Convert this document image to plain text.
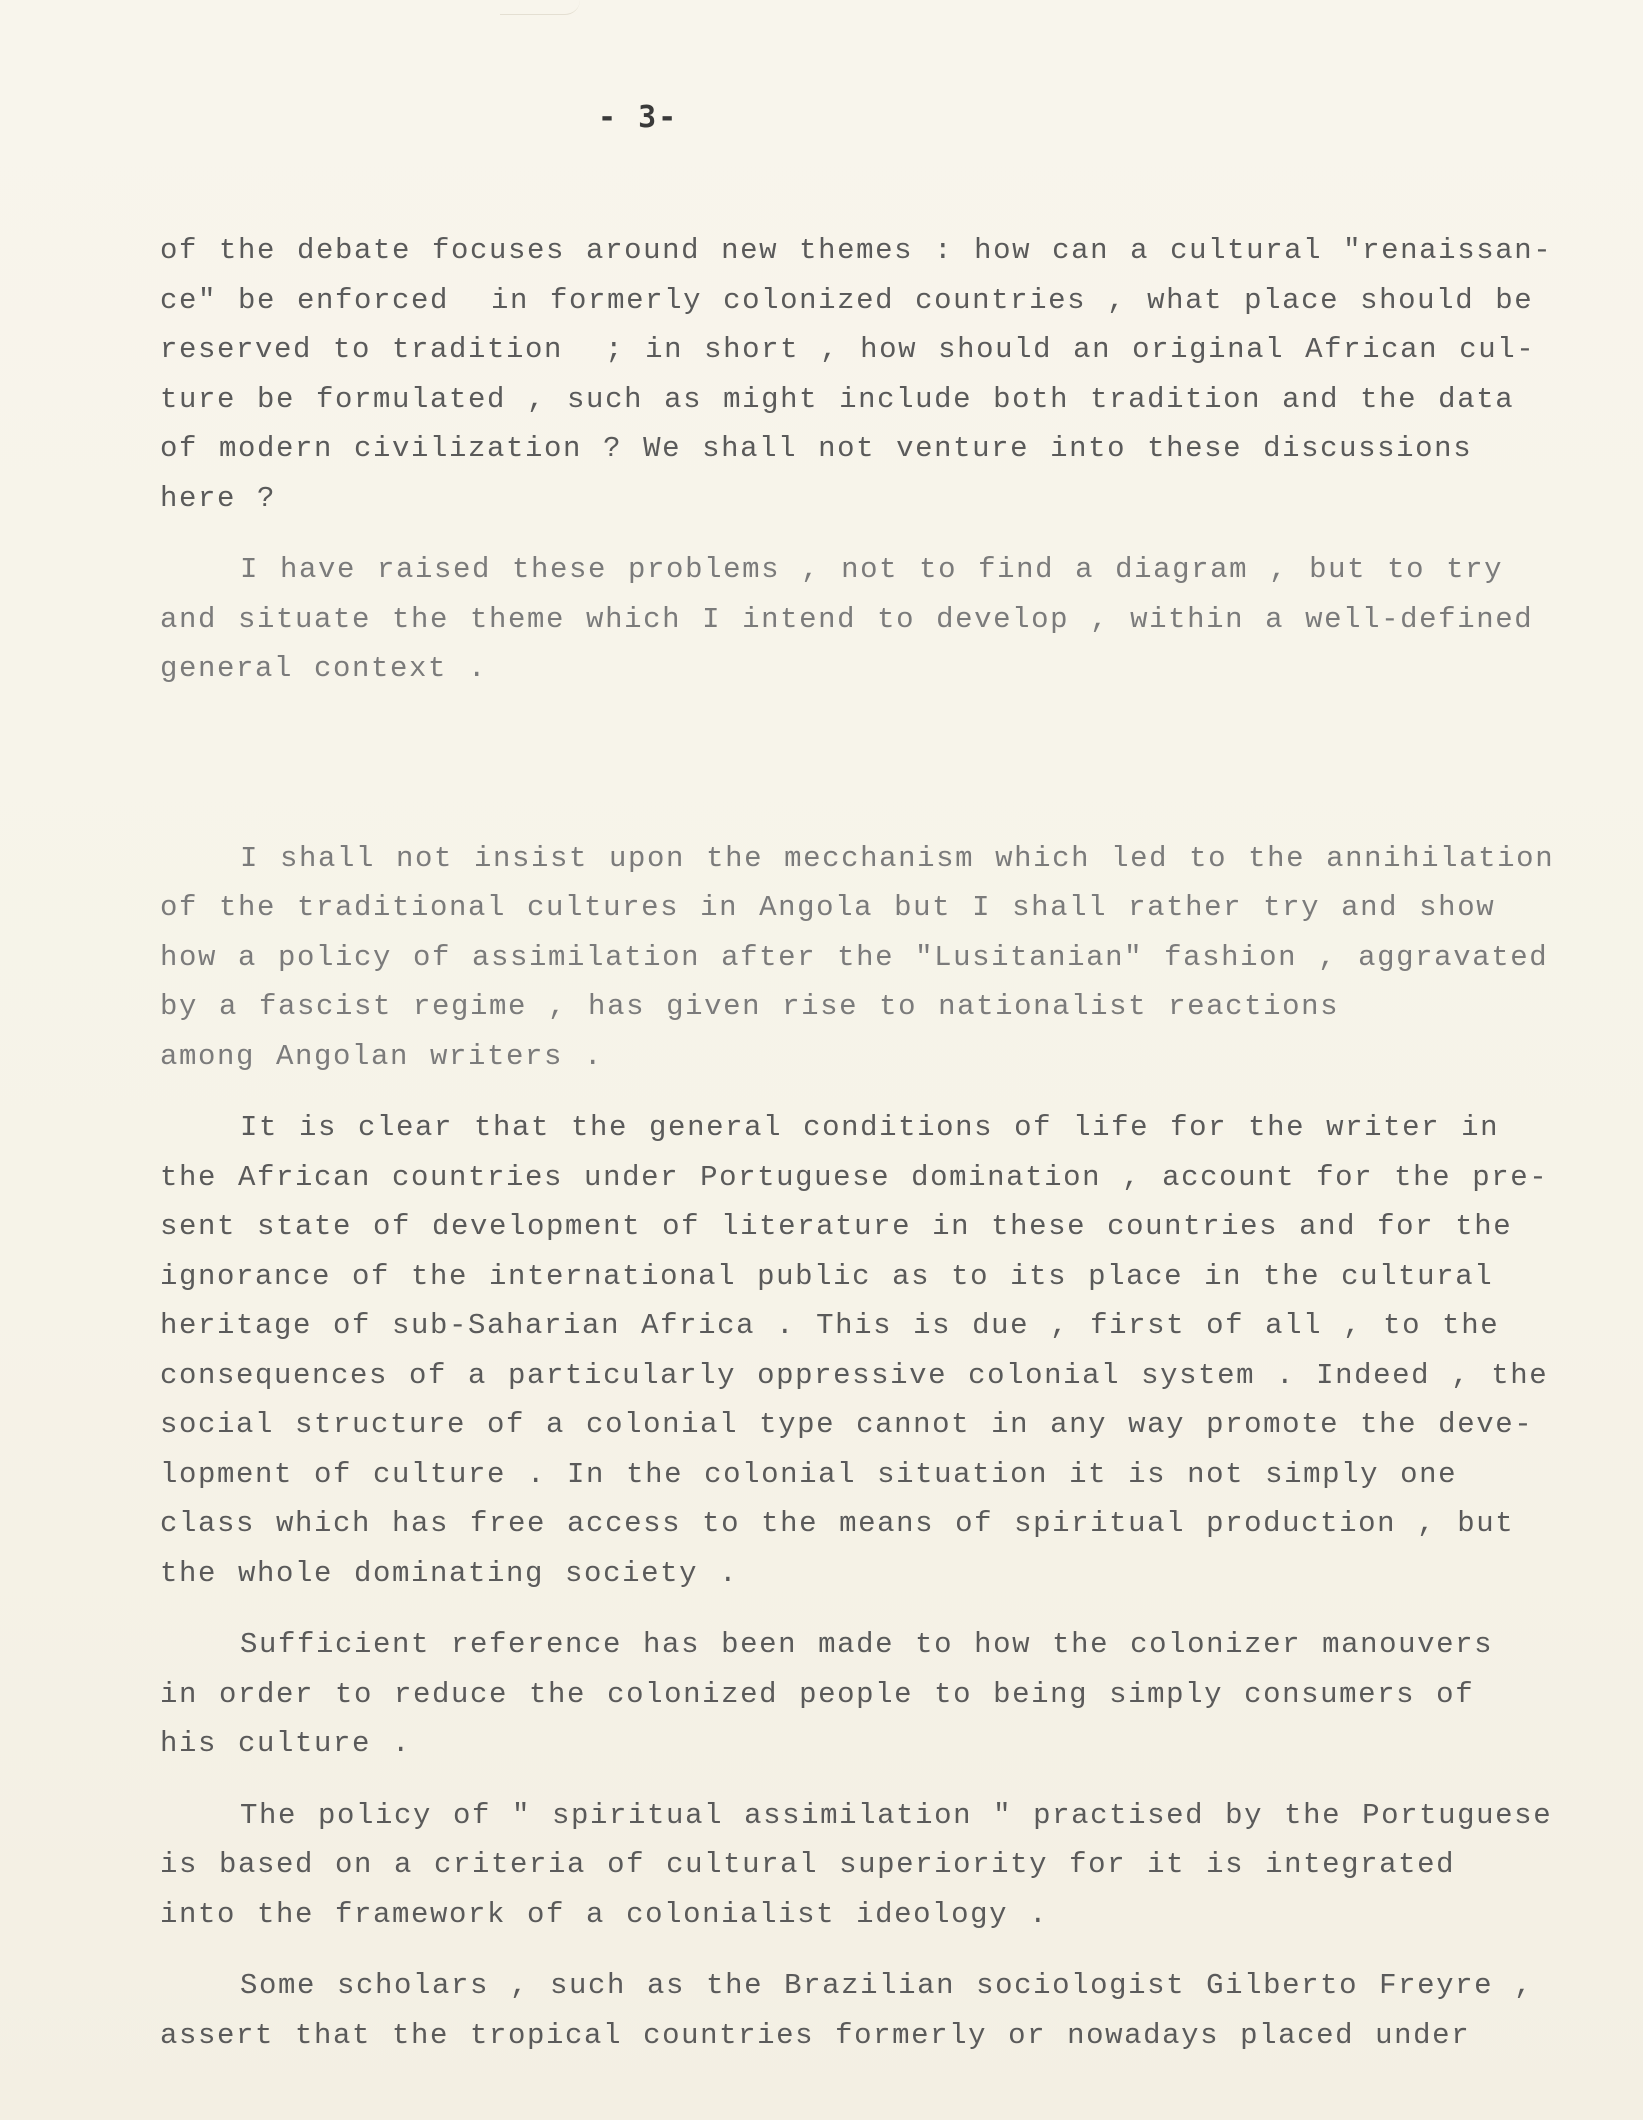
- 3-
of the debate focuses around new themes : how can a cultural "renaissan-
ce" be enforced  in formerly colonized countries , what place should be
reserved to tradition  ; in short , how should an original African cul-
ture be formulated , such as might include both tradition and the data
of modern civilization ? We shall not venture into these discussions
here ?
I have raised these problems , not to find a diagram , but to try
and situate the theme which I intend to develop , within a well-defined
general context .
I shall not insist upon the mecchanism which led to the annihilation
of the traditional cultures in Angola but I shall rather try and show
how a policy of assimilation after the "Lusitanian" fashion , aggravated
by a fascist regime , has given rise to nationalist reactions
among Angolan writers .
It is clear that the general conditions of life for the writer in
the African countries under Portuguese domination , account for the pre-
sent state of development of literature in these countries and for the
ignorance of the international public as to its place in the cultural
heritage of sub-Saharian Africa . This is due , first of all , to the
consequences of a particularly oppressive colonial system . Indeed , the
social structure of a colonial type cannot in any way promote the deve-
lopment of culture . In the colonial situation it is not simply one
class which has free access to the means of spiritual production , but
the whole dominating society .
Sufficient reference has been made to how the colonizer manouvers
in order to reduce the colonized people to being simply consumers of
his culture .
The policy of " spiritual assimilation " practised by the Portuguese
is based on a criteria of cultural superiority for it is integrated
into the framework of a colonialist ideology .
Some scholars , such as the Brazilian sociologist Gilberto Freyre ,
assert that the tropical countries formerly or nowadays placed under
